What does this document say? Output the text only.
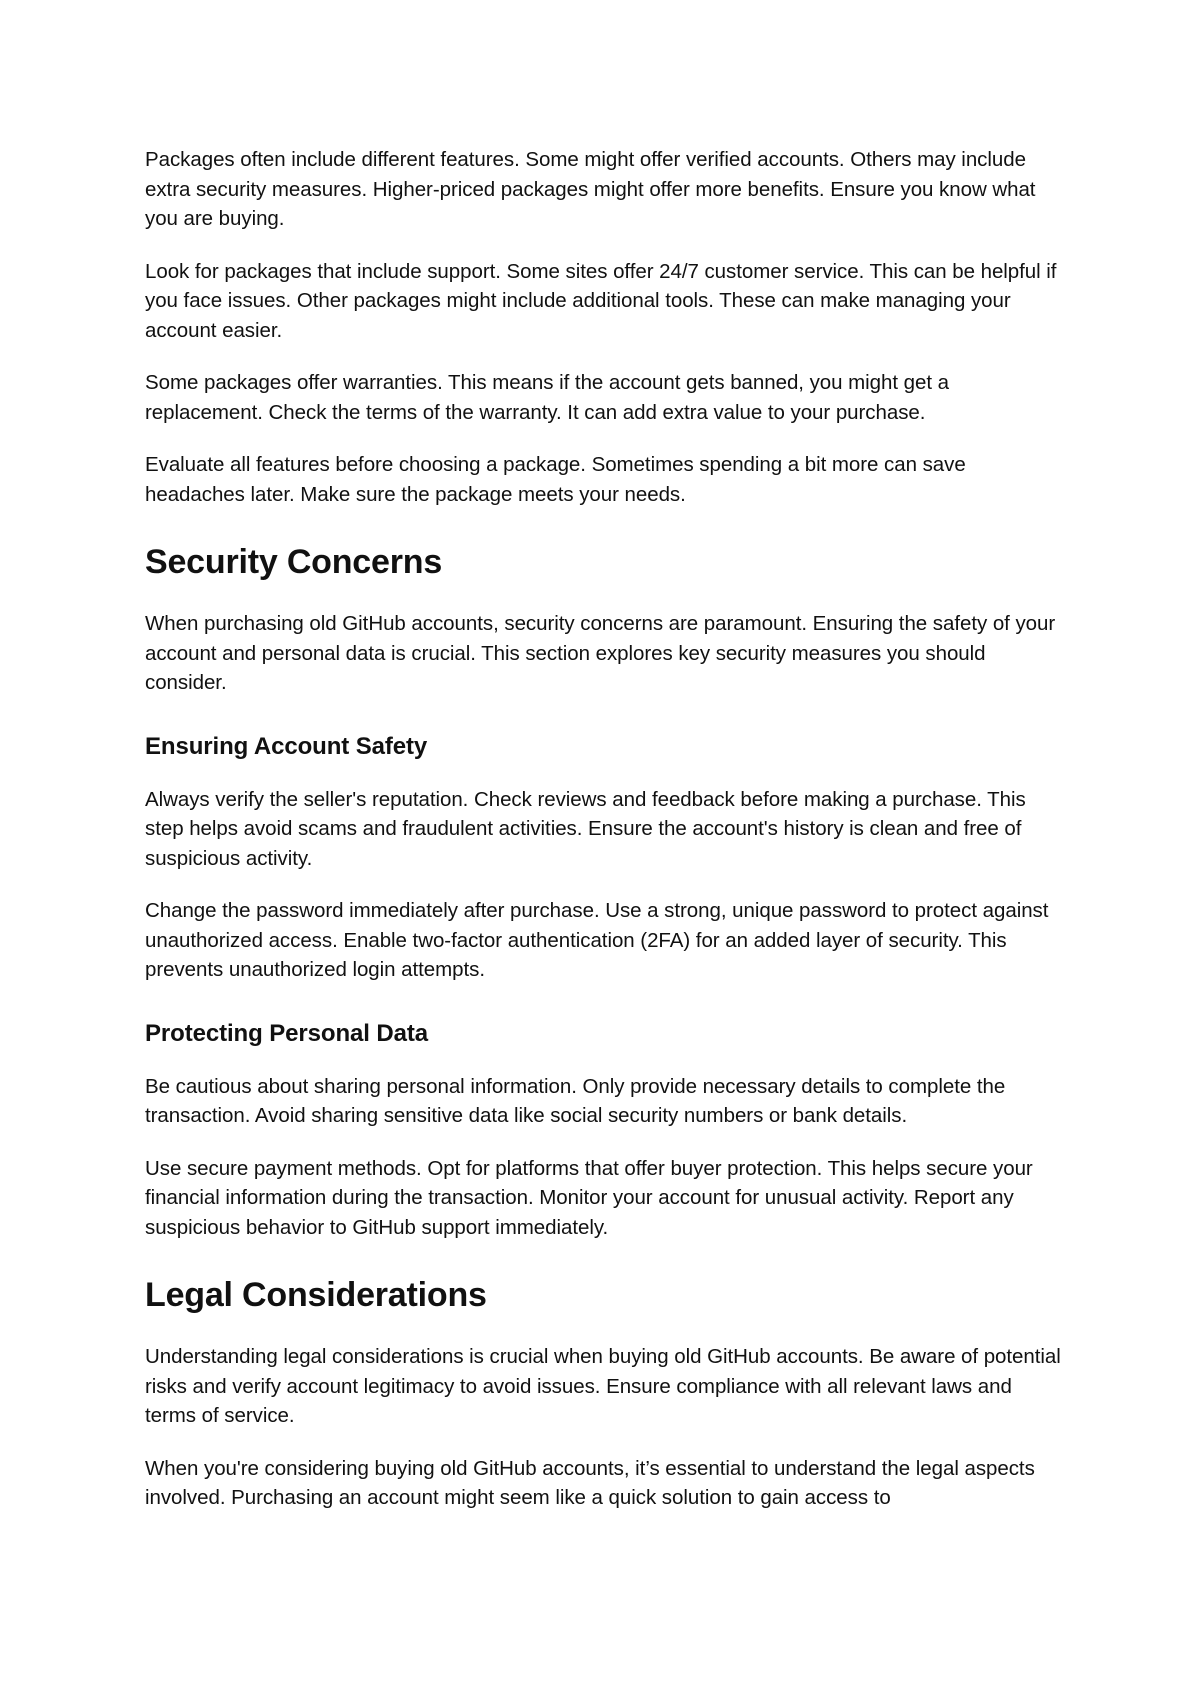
Packages often include different features. Some might offer verified accounts. Others may include extra security measures. Higher-priced packages might offer more benefits. Ensure you know what you are buying.

Look for packages that include support. Some sites offer 24/7 customer service. This can be helpful if you face issues. Other packages might include additional tools. These can make managing your account easier.

Some packages offer warranties. This means if the account gets banned, you might get a replacement. Check the terms of the warranty. It can add extra value to your purchase.

Evaluate all features before choosing a package. Sometimes spending a bit more can save headaches later. Make sure the package meets your needs.

Security Concerns

When purchasing old GitHub accounts, security concerns are paramount. Ensuring the safety of your account and personal data is crucial. This section explores key security measures you should consider.

Ensuring Account Safety

Always verify the seller's reputation. Check reviews and feedback before making a purchase. This step helps avoid scams and fraudulent activities. Ensure the account's history is clean and free of suspicious activity.

Change the password immediately after purchase. Use a strong, unique password to protect against unauthorized access. Enable two-factor authentication (2FA) for an added layer of security. This prevents unauthorized login attempts.

Protecting Personal Data

Be cautious about sharing personal information. Only provide necessary details to complete the transaction. Avoid sharing sensitive data like social security numbers or bank details.

Use secure payment methods. Opt for platforms that offer buyer protection. This helps secure your financial information during the transaction. Monitor your account for unusual activity. Report any suspicious behavior to GitHub support immediately.

Legal Considerations

Understanding legal considerations is crucial when buying old GitHub accounts. Be aware of potential risks and verify account legitimacy to avoid issues. Ensure compliance with all relevant laws and terms of service.

When you're considering buying old GitHub accounts, it’s essential to understand the legal aspects involved. Purchasing an account might seem like a quick solution to gain access to
